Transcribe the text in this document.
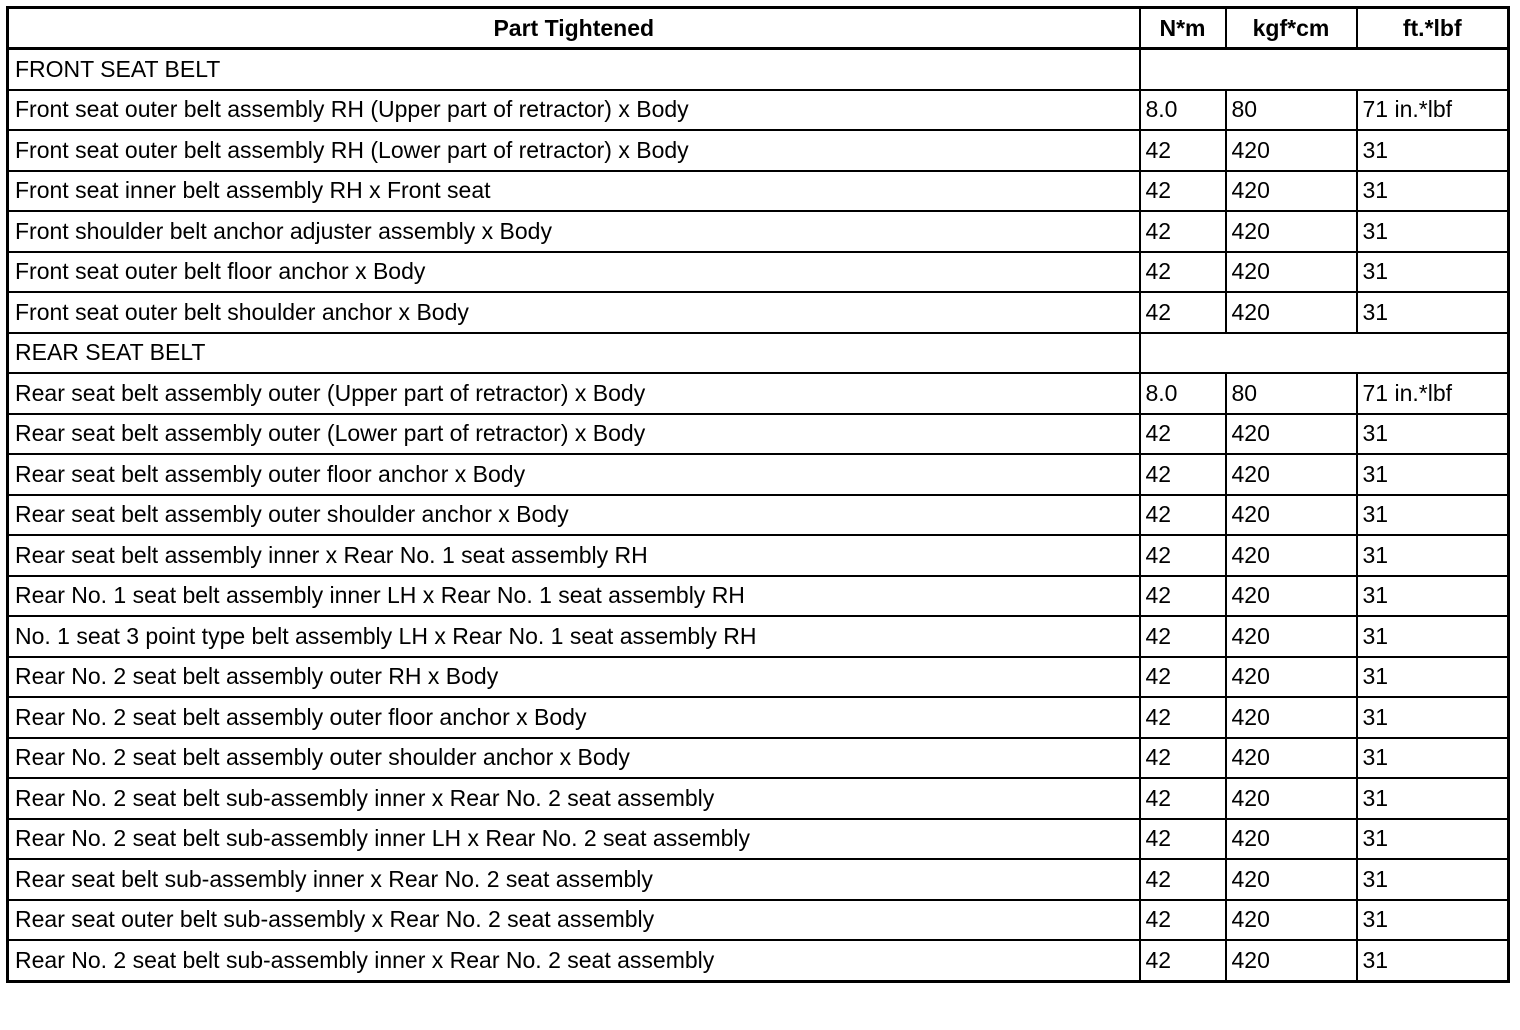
Part Tightened	N*m	kgf*cm	ft.*lbf
FRONT SEAT BELT			
Front seat outer belt assembly RH (Upper part of retractor) x Body	8.0	80	71 in.*lbf
Front seat outer belt assembly RH (Lower part of retractor) x Body	42	420	31
Front seat inner belt assembly RH x Front seat	42	420	31
Front shoulder belt anchor adjuster assembly x Body	42	420	31
Front seat outer belt floor anchor x Body	42	420	31
Front seat outer belt shoulder anchor x Body	42	420	31
REAR SEAT BELT			
Rear seat belt assembly outer (Upper part of retractor) x Body	8.0	80	71 in.*lbf
Rear seat belt assembly outer (Lower part of retractor) x Body	42	420	31
Rear seat belt assembly outer floor anchor x Body	42	420	31
Rear seat belt assembly outer shoulder anchor x Body	42	420	31
Rear seat belt assembly inner x Rear No. 1 seat assembly RH	42	420	31
Rear No. 1 seat belt assembly inner LH x Rear No. 1 seat assembly RH	42	420	31
No. 1 seat 3 point type belt assembly LH x Rear No. 1 seat assembly RH	42	420	31
Rear No. 2 seat belt assembly outer RH x Body	42	420	31
Rear No. 2 seat belt assembly outer floor anchor x Body	42	420	31
Rear No. 2 seat belt assembly outer shoulder anchor x Body	42	420	31
Rear No. 2 seat belt sub-assembly inner x Rear No. 2 seat assembly	42	420	31
Rear No. 2 seat belt sub-assembly inner LH x Rear No. 2 seat assembly	42	420	31
Rear seat belt sub-assembly inner x Rear No. 2 seat assembly	42	420	31
Rear seat outer belt sub-assembly x Rear No. 2 seat assembly	42	420	31
Rear No. 2 seat belt sub-assembly inner x Rear No. 2 seat assembly	42	420	31
